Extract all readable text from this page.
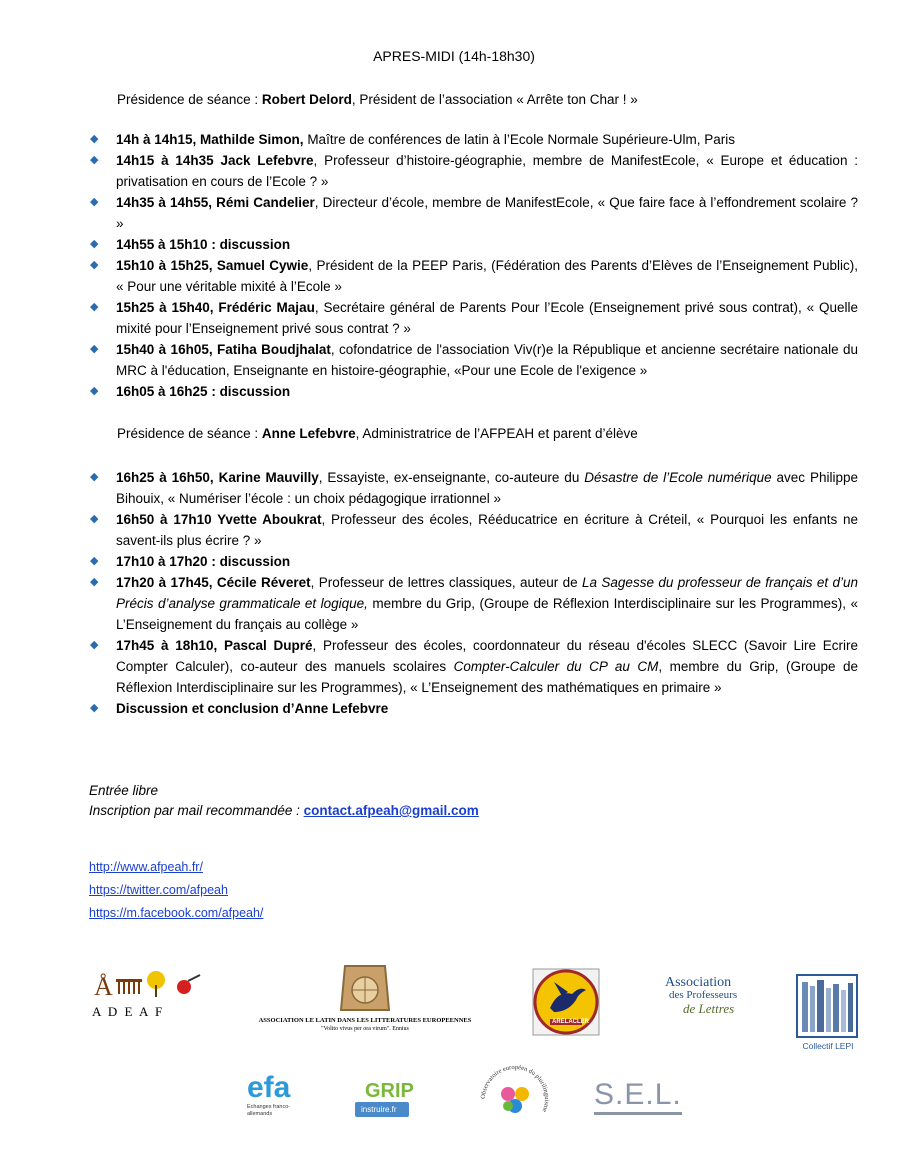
APRES-MIDI (14h-18h30)
Présidence de séance : Robert Delord, Président de l’association « Arrête ton Char ! »
◆ 14h à 14h15, Mathilde Simon, Maître de conférences de latin à l’Ecole Normale Supérieure-Ulm, Paris
◆ 14h15 à 14h35 Jack Lefebvre, Professeur d’histoire-géographie, membre de ManifestEcole, « Europe et éducation : privatisation en cours de l’Ecole ? »
◆ 14h35 à 14h55, Rémi Candelier, Directeur d’école, membre de ManifestEcole, « Que faire face à l’effondrement scolaire ? »
◆ 14h55 à 15h10 : discussion
◆ 15h10 à 15h25, Samuel Cywie, Président de la PEEP Paris, (Fédération des Parents d’Elèves de l’Enseignement Public), « Pour une véritable mixité à l’Ecole »
◆ 15h25 à 15h40, Frédéric Majau, Secrétaire général de Parents Pour l’Ecole (Enseignement privé sous contrat), « Quelle mixité pour l’Enseignement privé sous contrat ? »
◆ 15h40 à 16h05, Fatiha Boudjhalat, cofondatrice de l'association Viv(r)e la République et ancienne secrétaire nationale du MRC à l'éducation, Enseignante en histoire-géographie, «Pour une Ecole de l'exigence »
◆ 16h05 à 16h25 : discussion
Présidence de séance : Anne Lefebvre, Administratrice de l’AFPEAH et parent d’élève
◆ 16h25 à 16h50, Karine Mauvilly, Essayiste, ex-enseignante, co-auteure du Désastre de l’Ecole numérique avec Philippe Bihouix, « Numériser l’école : un choix pédagogique irrationnel »
◆ 16h50 à 17h10 Yvette Aboukrat, Professeur des écoles, Rééducatrice en écriture à Créteil, « Pourquoi les enfants ne savent-ils plus écrire ? »
◆ 17h10 à 17h20 : discussion
◆ 17h20 à 17h45, Cécile Réveret, Professeur de lettres classiques, auteur de La Sagesse du professeur de français et d’un Précis d’analyse grammaticale et logique, membre du Grip, (Groupe de Réflexion Interdisciplinaire sur les Programmes), « L’Enseignement du français au collège »
◆ 17h45 à 18h10, Pascal Dupré, Professeur des écoles, coordonnateur du réseau d'écoles SLECC (Savoir Lire Ecrire Compter Calculer), co-auteur des manuels scolaires Compter-Calculer du CP au CM, membre du Grip, (Groupe de Réflexion Interdisciplinaire sur les Programmes), « L’Enseignement des mathématiques en primaire »
◆ Discussion et conclusion d’Anne Lefebvre
Entrée libre
Inscription par mail recommandée : contact.afpeah@gmail.com
http://www.afpeah.fr/
https://twitter.com/afpeah
https://m.facebook.com/afpeah/
Å
A D E A F
ASSOCIATION LE LATIN DANS LES LITTERATURES EUROPEENNES
"Volito vivus per ora virum". Ennius
ARELACLER
Association
des Professeurs
de Lettres
Collectif LEPI
efa
Echanges franco-allemands
GRIP
instruire.fr
Observatoire européen du plurilinguisme S.E.L.
